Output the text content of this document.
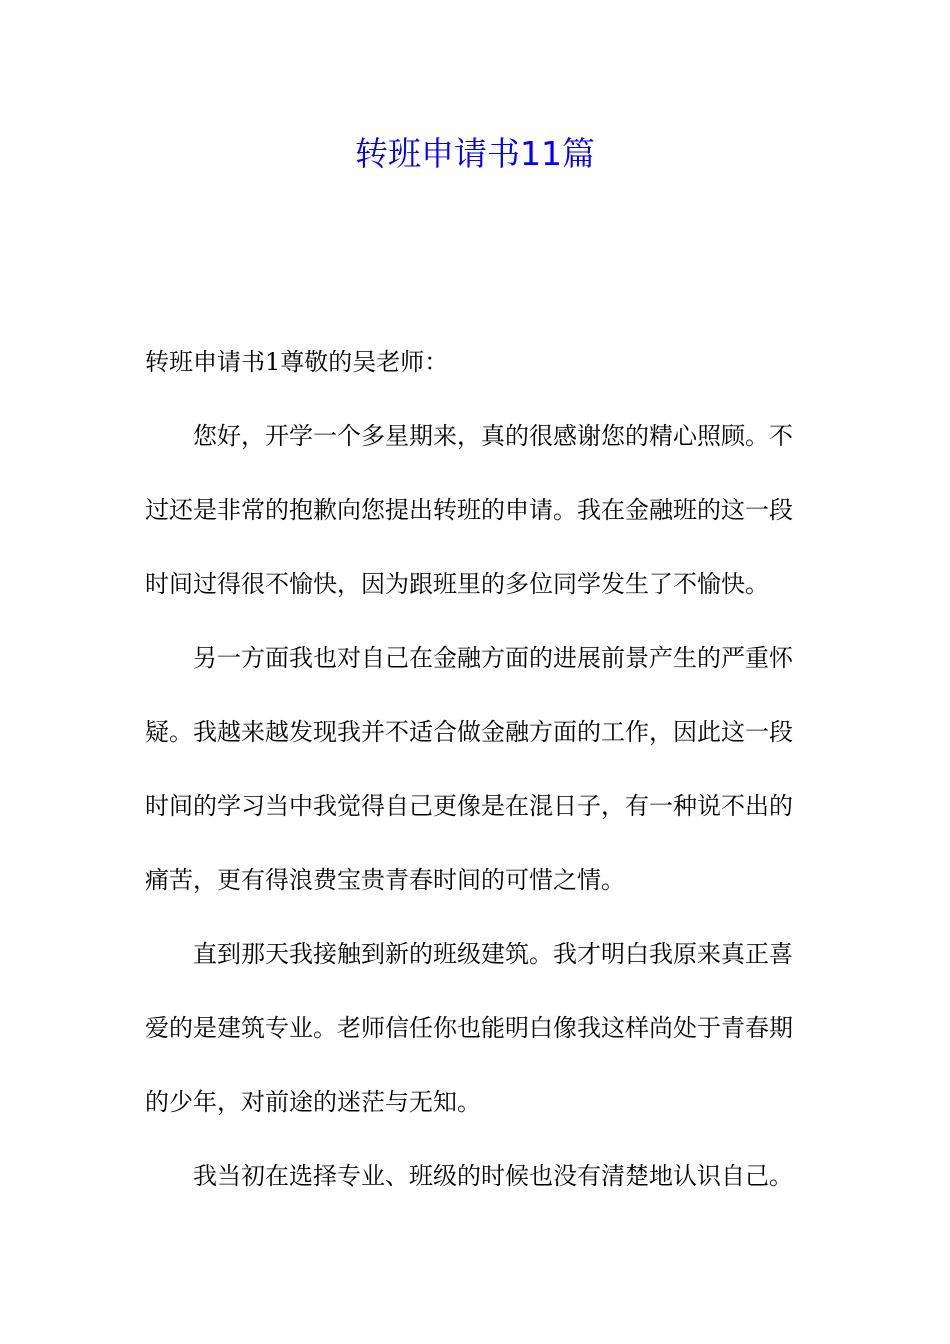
转班申请书11篇
转班申请书1尊敬的吴老师：
您好，开学一个多星期来，真的很感谢您的精心照顾。不
过还是非常的抱歉向您提出转班的申请。我在金融班的这一段
时间过得很不愉快，因为跟班里的多位同学发生了不愉快。
另一方面我也对自己在金融方面的进展前景产生的严重怀
疑。我越来越发现我并不适合做金融方面的工作，因此这一段
时间的学习当中我觉得自己更像是在混日子，有一种说不出的
痛苦，更有得浪费宝贵青春时间的可惜之情。
直到那天我接触到新的班级建筑。我才明白我原来真正喜
爱的是建筑专业。老师信任你也能明白像我这样尚处于青春期
的少年，对前途的迷茫与无知。
我当初在选择专业、班级的时候也没有清楚地认识自己。
